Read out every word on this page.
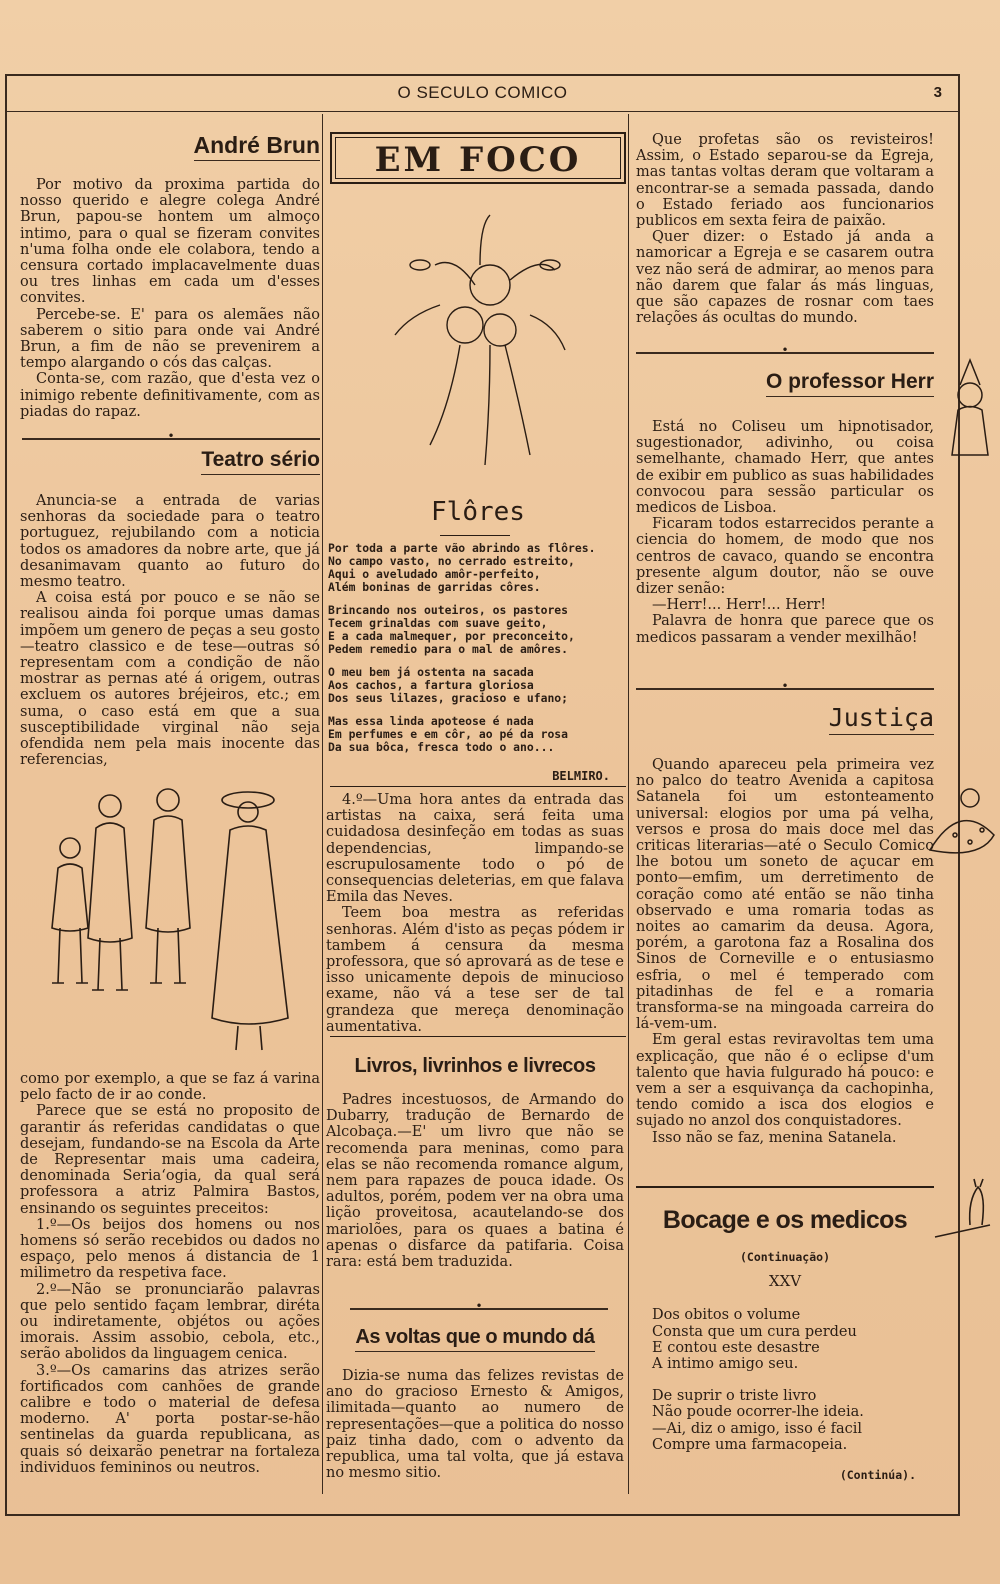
O SECULO COMICO	3
André Brun

Por motivo da proxima partida do nosso querido e alegre colega André Brun, papou-se hontem um almoço intimo, para o qual se fizeram convites n'uma folha onde ele colabora, tendo a censura cortado implacavelmente duas ou tres linhas em cada um d'esses convites.

Percebe-se. E' para os alemães não saberem o sitio para onde vai André Brun, a fim de não se prevenirem a tempo alargando o cós das calças.

Conta-se, com razão, que d'esta vez o inimigo rebente definitivamente, com as piadas do rapaz.

•
Teatro sério

Anuncia-se a entrada de varias senhoras da sociedade para o teatro portuguez, rejubilando com a noticia todos os amadores da nobre arte, que já desanimavam quanto ao futuro do mesmo teatro.

A coisa está por pouco e se não se realisou ainda foi porque umas damas impõem um genero de peças a seu gosto—teatro classico e de tese—outras só representam com a condição de não mostrar as pernas até á origem, outras excluem os autores bréjeiros, etc.; em suma, o caso está em que a sua susceptibilidade virginal não seja ofendida nem pela mais inocente das referencias,

como por exemplo, a que se faz á varina pelo facto de ir ao conde.

Parece que se está no proposito de garantir ás referidas candidatas o que desejam, fundando-se na Escola da Arte de Representar mais uma cadeira, denominada Seriaʻogia, da qual será professora a atriz Palmira Bastos, ensinando os seguintes preceitos:

1.º—Os beijos dos homens ou nos homens só serão recebidos ou dados no espaço, pelo menos á distancia de 1 milimetro da respetiva face.

2.º—Não se pronunciarão palavras que pelo sentido façam lembrar, diréta ou indiretamente, objétos ou ações imorais. Assim assobio, cebola, etc., serão abolidos da linguagem cenica.

3.º—Os camarins das atrizes serão fortificados com canhões de grande calibre e todo o material de defesa moderno. A' porta postar-se-hão sentinelas da guarda republicana, as quais só deixarão penetrar na fortaleza individuos femininos ou neutros.

EM FOCO
Flôres
Por toda a parte vão abrindo as flôres.
No campo vasto, no cerrado estreito,
Aqui o aveludado amôr-perfeito,
Além boninas de garridas côres.
Brincando nos outeiros, os pastores
Tecem grinaldas com suave geito,
E a cada malmequer, por preconceito,
Pedem remedio para o mal de amôres.
O meu bem já ostenta na sacada
Aos cachos, a fartura gloriosa
Dos seus lilazes, gracioso e ufano;
Mas essa linda apoteose é nada
Em perfumes e em côr, ao pé da rosa
Da sua bôca, fresca todo o ano...
BELMIRO.

4.º—Uma hora antes da entrada das artistas na caixa, será feita uma cuidadosa desinfeção em todas as suas dependencias, limpando-se escrupulosamente todo o pó de consequencias deleterias, em que falava Emila das Neves.

Teem boa mestra as referidas senhoras. Além d'isto as peças pódem ir tambem á censura da mesma professora, que só aprovará as de tese e isso unicamente depois de minucioso exame, não vá a tese ser de tal grandeza que mereça denominação aumentativa.

Livros, livrinhos e livrecos

Padres incestuosos, de Armando do Dubarry, tradução de Bernardo de Alcobaça.—E' um livro que não se recomenda para meninas, como para elas se não recomenda romance algum, nem para rapazes de pouca idade. Os adultos, porém, podem ver na obra uma lição proveitosa, acautelando-se dos mariolões, para os quaes a batina é apenas o disfarce da patifaria. Coisa rara: está bem traduzida.

•
As voltas que o mundo dá

Dizia-se numa das felizes revistas de ano do gracioso Ernesto & Amigos, ilimitada—quanto ao numero de representações—que a politica do nosso paiz tinha dado, com o advento da republica, uma tal volta, que já estava no mesmo sitio.

Que profetas são os revisteiros! Assim, o Estado separou-se da Egreja, mas tantas voltas deram que voltaram a encontrar-se a semada passada, dando o Estado feriado aos funcionarios publicos em sexta feira de paixão.

Quer dizer: o Estado já anda a namoricar a Egreja e se casarem outra vez não será de admirar, ao menos para não darem que falar ás más linguas, que são capazes de rosnar com taes relações ás ocultas do mundo.

•
O professor Herr

Está no Coliseu um hipnotisador, sugestionador, adivinho, ou coisa semelhante, chamado Herr, que antes de exibir em publico as suas habilidades convocou para sessão particular os medicos de Lisboa.

Ficaram todos estarrecidos perante a ciencia do homem, de modo que nos centros de cavaco, quando se encontra presente algum doutor, não se ouve dizer senão:

—Herr!... Herr!... Herr!

Palavra de honra que parece que os medicos passaram a vender mexilhão!

•
Justiça

Quando apareceu pela primeira vez no palco do teatro Avenida a capitosa Satanela foi um estonteamento universal: elogios por uma pá velha, versos e prosa do mais doce mel das criticas literarias—até o Seculo Comico lhe botou um soneto de açucar em ponto—emfim, um derretimento de coração como até então se não tinha observado e uma romaria todas as noites ao camarim da deusa. Agora, porém, a garotona faz a Rosalina dos Sinos de Corneville e o entusiasmo esfria, o mel é temperado com pitadinhas de fel e a romaria transforma-se na mingoada carreira do lá-vem-um.

Em geral estas reviravoltas tem uma explicação, que não é o eclipse d'um talento que havia fulgurado há pouco: e vem a ser a esquivança da cachopinha, tendo comido a isca dos elogios e sujado no anzol dos conquistadores.

Isso não se faz, menina Satanela.

Bocage e os medicos
(Continuação)
XXV
Dos obitos o volume
Consta que um cura perdeu
E contou este desastre
A intimo amigo seu.
De suprir o triste livro
Não poude ocorrer-lhe ideia.
—Ai, diz o amigo, isso é facil
Compre uma farmacopeia.
(Continúa).
